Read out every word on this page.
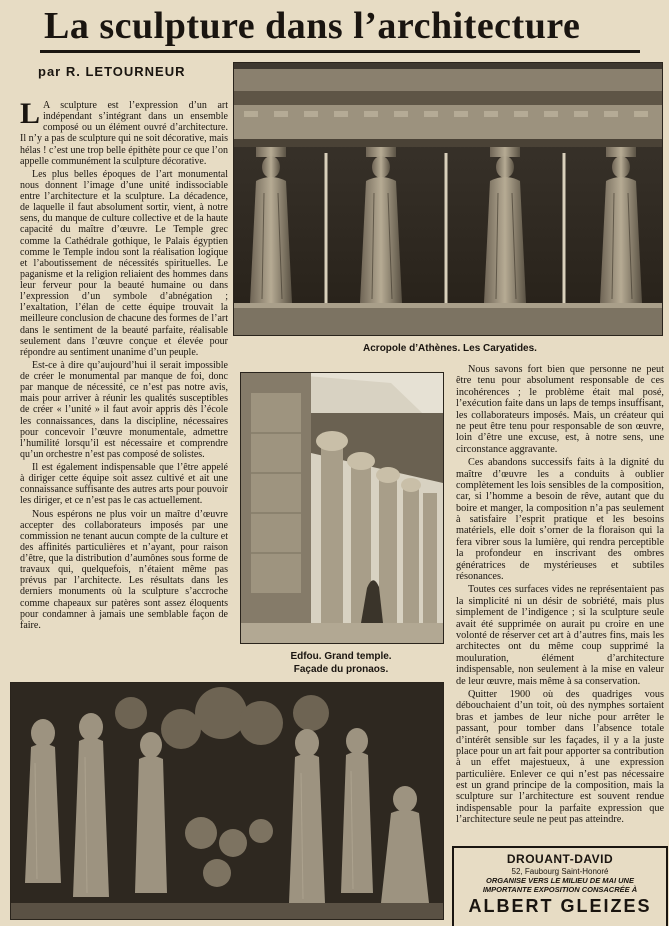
La sculpture dans l’architecture
par R. LETOURNEUR
Acropole d’Athènes. Les Caryatides.
Edfou. Grand temple.
Façade du pronaos.

L A sculpture est l’expression d’un art indépendant s’intégrant dans un ensemble composé ou un élément ouvré d’architecture. Il n’y a pas de sculpture qui ne soit décorative, mais hélas ! c’est une trop belle épithète pour ce que l’on appelle communément la sculpture décorative.

Les plus belles époques de l’art monumental nous donnent l’image d’une unité indissociable entre l’architecture et la sculpture. La décadence, de laquelle il faut absolument sortir, vient, à notre sens, du manque de culture collective et de la haute capacité du maître d’œuvre. Le Temple grec comme la Cathédrale gothique, le Palais égyptien comme le Temple indou sont la réalisation logique et l’aboutissement de nécessités spirituelles. Le paganisme et la religion reliaient des hommes dans leur ferveur pour la beauté humaine ou dans l’expression d’un symbole d’abnégation ; l’exaltation, l’élan de cette équipe trouvait la meilleure conclusion de chacune des formes de l’art dans le sentiment de la beauté parfaite, réalisable seulement dans l’œuvre conçue et élevée pour répondre au sentiment unanime d’un peuple.

Est-ce à dire qu’aujourd’hui il serait impossible de créer le monumental par manque de foi, donc par manque de nécessité, ce n’est pas notre avis, mais pour arriver à réunir les qualités susceptibles de créer « l’unité » il faut avoir appris dès l’école les connaissances, dans la discipline, nécessaires pour concevoir l’œuvre monumentale, admettre l’humilité lorsqu’il est nécessaire et comprendre qu’un orchestre n’est pas composé de solistes.

Il est également indispensable que l’être appelé à diriger cette équipe soit assez cultivé et ait une connaissance suffisante des autres arts pour pouvoir les diriger, et ce n’est pas le cas actuellement.

Nous espérons ne plus voir un maître d’œuvre accepter des collaborateurs imposés par une commission ne tenant aucun compte de la culture et des affinités particulières et n’ayant, pour raison d’être, que la distribution d’aumônes sous forme de travaux qui, quelquefois, n’étaient même pas prévus par l’architecte. Les résultats dans les derniers monuments où la sculpture s’accroche comme chapeaux sur patères sont assez éloquents pour condamner à jamais une semblable façon de faire.

Nous savons fort bien que personne ne peut être tenu pour absolument responsable de ces incohérences ; le problème était mal posé, l’exécution faite dans un laps de temps insuffisant, les collaborateurs imposés. Mais, un créateur qui ne peut être tenu pour responsable de son œuvre, loin d’être une excuse, est, à notre sens, une circonstance aggravante.

Ces abandons successifs faits à la dignité du maître d’œuvre les a conduits à oublier complètement les lois sensibles de la composition, car, si l’homme a besoin de rêve, autant que du boire et manger, la composition n’a pas seulement à satisfaire l’esprit pratique et les besoins matériels, elle doit s’orner de la floraison qui la fera vibrer sous la lumière, qui rendra perceptible la profondeur en inscrivant des ombres génératrices de mystérieuses et subtiles résonances.

Toutes ces surfaces vides ne représentaient pas la simplicité ni un désir de sobriété, mais plus simplement de l’indigence ; si la sculpture seule avait été supprimée on aurait pu croire en une volonté de réserver cet art à d’autres fins, mais les architectes ont du même coup supprimé la mouluration, élément d’architecture indispensable, non seulement à la mise en valeur de leur œuvre, mais même à sa conservation.

Quitter 1900 où des quadriges vous débouchaient d’un toit, où des nymphes sortaient bras et jambes de leur niche pour arrêter le passant, pour tomber dans l’absence totale d’intérêt sensible sur les façades, il y a la juste place pour un art fait pour apporter sa contribution à un effet majestueux, à une expression particulière. Enlever ce qui n’est pas nécessaire est un grand principe de la composition, mais la sculpture sur l’architecture est souvent rendue indispensable pour la parfaite expression que l’architecture seule ne peut pas atteindre.

DROUANT-DAVID
52, Faubourg Saint-Honoré
ORGANISE VERS LE MILIEU DE MAI UNE
IMPORTANTE EXPOSITION CONSACRÉE À
ALBERT GLEIZES
